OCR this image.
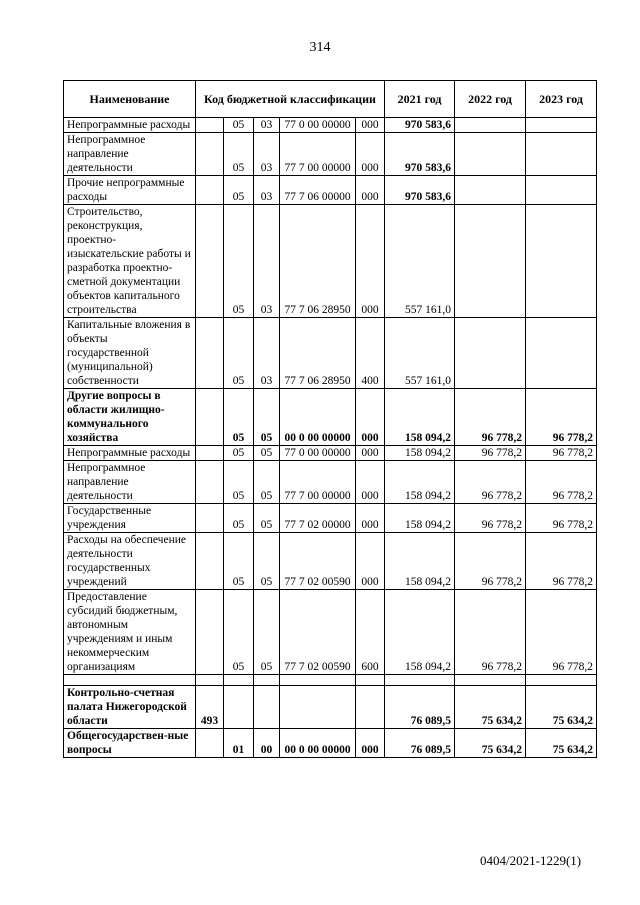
314
Наименование	Код бюджетной классификации					2021 год	2022 год	2023 год
Непрограммные расходы		05	03	77 0 00 00000	000	970 583,6		
Непрограммное направление деятельности		05	03	77 7 00 00000	000	970 583,6		
Прочие непрограммные расходы		05	03	77 7 06 00000	000	970 583,6		
Строительство, реконструкция, проектно-изыскательские работы и разработка проектно-сметной документации объектов капитального строительства		05	03	77 7 06 28950	000	557 161,0		
Капитальные вложения в объекты государственной (муниципальной) собственности		05	03	77 7 06 28950	400	557 161,0		
Другие вопросы в области жилищно-коммунального хозяйства		05	05	00 0 00 00000	000	158 094,2	96 778,2	96 778,2
Непрограммные расходы		05	05	77 0 00 00000	000	158 094,2	96 778,2	96 778,2
Непрограммное направление деятельности		05	05	77 7 00 00000	000	158 094,2	96 778,2	96 778,2
Государственные учреждения		05	05	77 7 02 00000	000	158 094,2	96 778,2	96 778,2
Расходы на обеспечение деятельности государственных учреждений		05	05	77 7 02 00590	000	158 094,2	96 778,2	96 778,2
Предоставление субсидий бюджетным, автономным учреждениям и иным некоммерческим организациям		05	05	77 7 02 00590	600	158 094,2	96 778,2	96 778,2

Контрольно-счетная палата Нижегородской области	493					76 089,5	75 634,2	75 634,2
Общегосударствен-ные вопросы		01	00	00 0 00 00000	000	76 089,5	75 634,2	75 634,2
0404/2021-1229(1)
